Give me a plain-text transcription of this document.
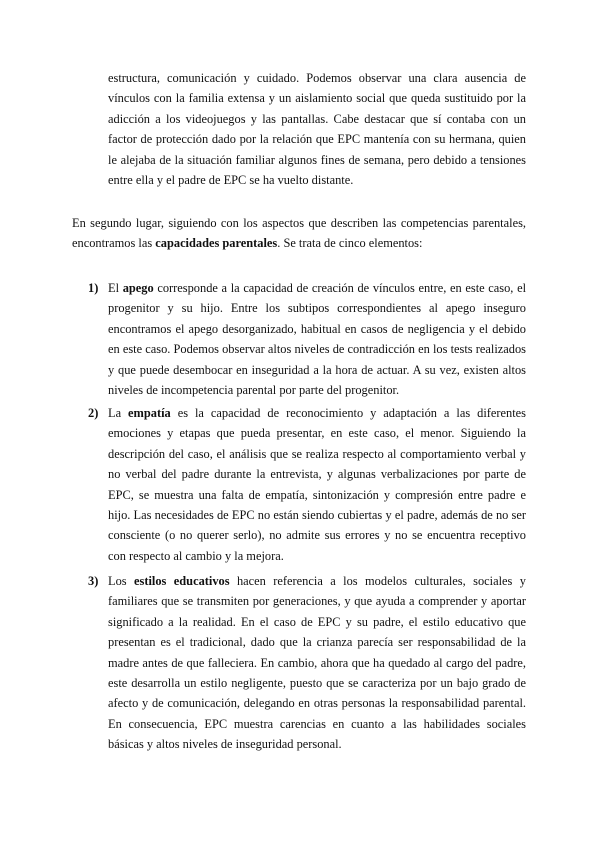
estructura, comunicación y cuidado. Podemos observar una clara ausencia de vínculos con la familia extensa y un aislamiento social que queda sustituido por la adicción a los videojuegos y las pantallas. Cabe destacar que sí contaba con un factor de protección dado por la relación que EPC mantenía con su hermana, quien le alejaba de la situación familiar algunos fines de semana, pero debido a tensiones entre ella y el padre de EPC se ha vuelto distante.

En segundo lugar, siguiendo con los aspectos que describen las competencias parentales, encontramos las capacidades parentales. Se trata de cinco elementos:

1) El apego corresponde a la capacidad de creación de vínculos entre, en este caso, el progenitor y su hijo. Entre los subtipos correspondientes al apego inseguro encontramos el apego desorganizado, habitual en casos de negligencia y el debido en este caso. Podemos observar altos niveles de contradicción en los tests realizados y que puede desembocar en inseguridad a la hora de actuar. A su vez, existen altos niveles de incompetencia parental por parte del progenitor.
2) La empatía es la capacidad de reconocimiento y adaptación a las diferentes emociones y etapas que pueda presentar, en este caso, el menor. Siguiendo la descripción del caso, el análisis que se realiza respecto al comportamiento verbal y no verbal del padre durante la entrevista, y algunas verbalizaciones por parte de EPC, se muestra una falta de empatía, sintonización y compresión entre padre e hijo. Las necesidades de EPC no están siendo cubiertas y el padre, además de no ser consciente (o no querer serlo), no admite sus errores y no se encuentra receptivo con respecto al cambio y la mejora.
3) Los estilos educativos hacen referencia a los modelos culturales, sociales y familiares que se transmiten por generaciones, y que ayuda a comprender y aportar significado a la realidad. En el caso de EPC y su padre, el estilo educativo que presentan es el tradicional, dado que la crianza parecía ser responsabilidad de la madre antes de que falleciera. En cambio, ahora que ha quedado al cargo del padre, este desarrolla un estilo negligente, puesto que se caracteriza por un bajo grado de afecto y de comunicación, delegando en otras personas la responsabilidad parental. En consecuencia, EPC muestra carencias en cuanto a las habilidades sociales básicas y altos niveles de inseguridad personal.
